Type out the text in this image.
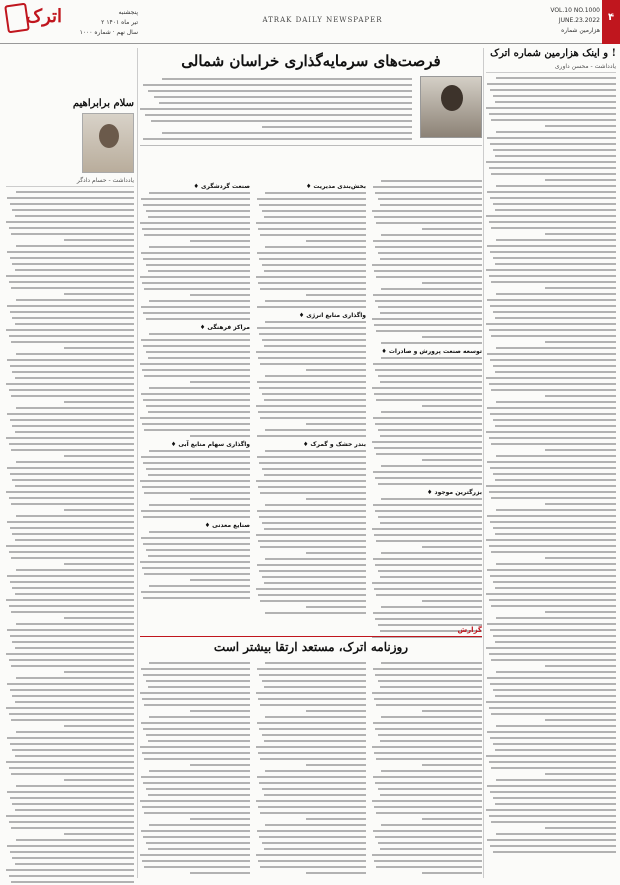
اترک	پنجشنبه
۲ تیر ماه ۱۴۰۱
سال نهم · شماره ۱۰۰۰
ATRAK DAILY NEWSPAPER
VOL.10 NO.1000
JUNE.23.2022
هزارمین شماره
۴
و اینک هزارمین شماره اترک !
یادداشت - محسن داوری
سلام برابراهیم
یادداشت - حسام دادگر
فرصت‌های سرمایه‌گذاری خراسان شمالی
♦ توسعه صنعت پرورش و صادرات
♦ بزرگترین موجود
♦ بخش‌بندی مدیریت
♦ واگذاری منابع انرژی
♦ بندر خشک و گمرک
♦ صنعت گردشگری
♦ مراکز فرهنگی
♦ واگذاری سهام منابع آبی
♦ صنایع معدنی
گزارش
روزنامه اترک، مستعد ارتقا بیشتر است
